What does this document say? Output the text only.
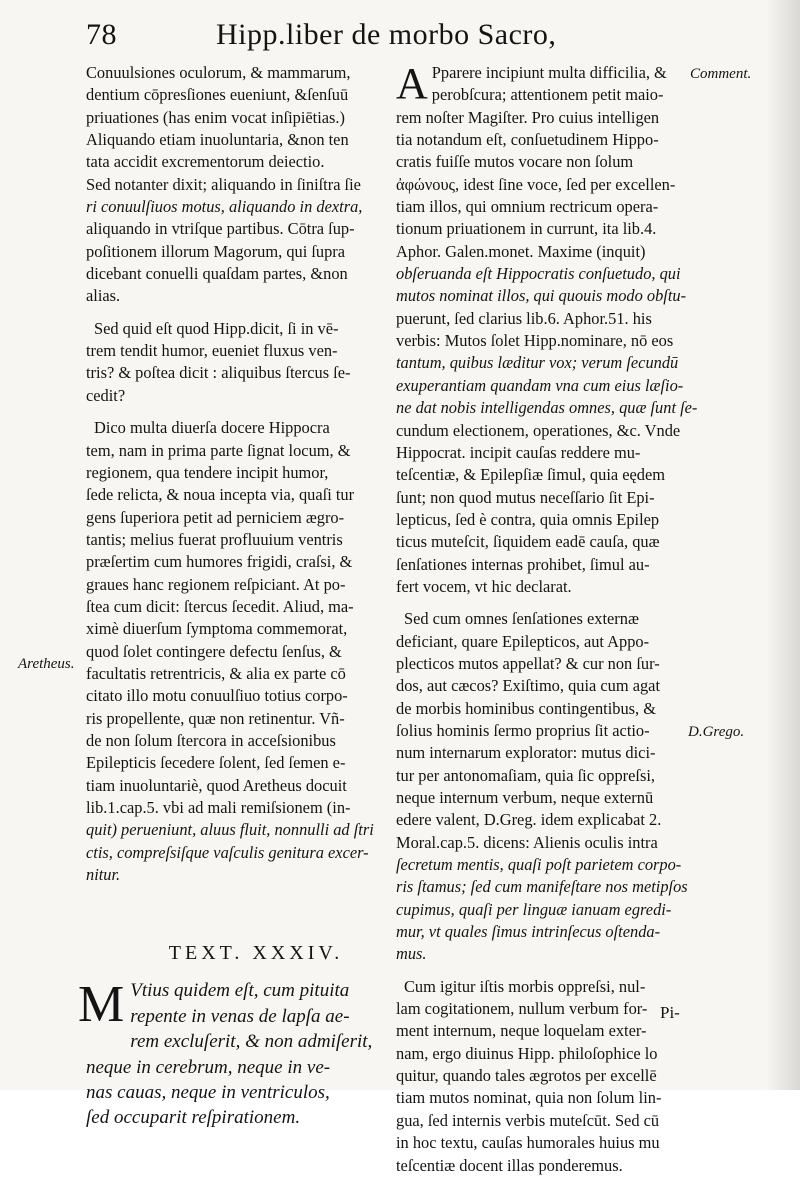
78	Hipp.liber de morbo Sacro,
Conuulsiones oculorum, & mammarum,
dentium cōpresſiones eueniunt, &ſenſuū
priuationes (has enim vocat inſipiētias.)
Aliquando etiam inuoluntaria, &non ten
tata accidit excrementorum deiectio.
Sed notanter dixit; aliquando in ſiniſtra ſie
ri conuulſiuos motus, aliquando in dextra,
aliquando in vtriſque partibus. Cōtra ſup-
poſitionem illorum Magorum, qui ſupra
dicebant conuelli quaſdam partes, &non
alias.
Sed quid eſt quod Hipp.dicit, ſi in vē-
trem tendit humor, eueniet fluxus ven-
tris? & poſtea dicit : aliquibus ſtercus ſe-
cedit?
Dico multa diuerſa docere Hippocra
tem, nam in prima parte ſignat locum, &
regionem, qua tendere incipit humor,
ſede relicta, & noua incepta via, quaſi tur
gens ſuperiora petit ad perniciem ægro-
tantis; melius fuerat profluuium ventris
præſertim cum humores frigidi, craſsi, &
graues hanc regionem reſpiciant. At po-
ſtea cum dicit: ſtercus ſecedit. Aliud, ma-
ximè diuerſum ſymptoma commemorat,
quod ſolet contingere defectu ſenſus, &
facultatis retrentricis, & alia ex parte cō
citato illo motu conuulſiuo totius corpo-
ris propellente, quæ non retinentur. Vñ-
de non ſolum ſtercora in acceſsionibus
Epilepticis ſecedere ſolent, ſed ſemen e-
tiam inuoluntariè, quod Aretheus docuit
lib.1.cap.5. vbi ad mali remiſsionem (in-
quit) perueniunt, aluus fluit, nonnulli ad ſtri
ctis, compreſsiſque vaſculis genitura excer-
nitur.
TEXT. XXXIV.
M Vtius quidem eſt, cum pituita
repente in venas de lapſa ae-
rem excluſerit, & non admiſerit,
neque in cerebrum, neque in ve-
nas cauas, neque in ventriculos,
ſed occuparit reſpirationem.
A Pparere incipiunt multa difficilia, &
perobſcura; attentionem petit maio-
rem noſter Magiſter. Pro cuius intelligen
tia notandum eſt, conſuetudinem Hippo-
cratis fuiſſe mutos vocare non ſolum
ἀφώνους, idest ſine voce, ſed per excellen-
tiam illos, qui omnium rectricum opera-
tionum priuationem in currunt, ita lib.4.
Aphor. Galen.monet. Maxime (inquit)
obſeruanda eſt Hippocratis conſuetudo, qui
mutos nominat illos, qui quouis modo obſtu-
puerunt, ſed clarius lib.6. Aphor.51. his
verbis: Mutos ſolet Hipp.nominare, nō eos
tantum, quibus læditur vox; verum ſecundū
exuperantiam quandam vna cum eius læſio-
ne dat nobis intelligendas omnes, quæ ſunt ſe-
cundum electionem, operationes, &c. Vnde
Hippocrat. incipit cauſas reddere mu-
teſcentiæ, & Epilepſiæ ſimul, quia eędem
ſunt; non quod mutus neceſſario ſit Epi-
lepticus, ſed è contra, quia omnis Epilep
ticus muteſcit, ſiquidem eadē cauſa, quæ
ſenſationes internas prohibet, ſimul au-
fert vocem, vt hic declarat.
Sed cum omnes ſenſationes externæ
deficiant, quare Epilepticos, aut Appo-
plecticos mutos appellat? & cur non ſur-
dos, aut cæcos? Exiſtimo, quia cum agat
de morbis hominibus contingentibus, &
ſolius hominis ſermo proprius ſit actio-
num internarum explorator: mutus dici-
tur per antonomaſiam, quia ſic oppreſsi,
neque internum verbum, neque externū
edere valent, D.Greg. idem explicabat 2.
Moral.cap.5. dicens: Alienis oculis intra
ſecretum mentis, quaſi poſt parietem corpo-
ris ſtamus; ſed cum manifeſtare nos metipſos
cupimus, quaſi per linguæ ianuam egredi-
mur, vt quales ſimus intrinſecus oſtenda-
mus.
Cum igitur iſtis morbis oppreſsi, nul-
lam cogitationem, nullum verbum for-
ment internum, neque loquelam exter-
nam, ergo diuinus Hipp. philoſophice lo
quitur, quando tales ægrotos per excellē
tiam mutos nominat, quia non ſolum lin-
gua, ſed internis verbis muteſcūt. Sed cū
in hoc textu, cauſas humorales huius mu
teſcentiæ docent illas ponderemus.
Comment.
Aretheus.
D.Grego.
Pi-
